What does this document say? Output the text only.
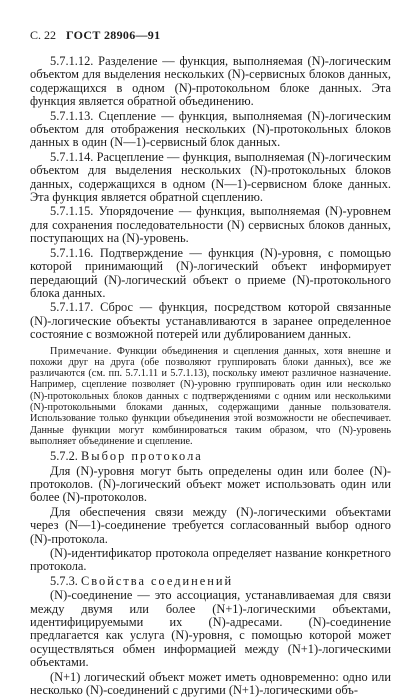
С. 22 ГОСТ 28906—91

5.7.1.12. Разделение — функция, выполняемая (N)-логическим объектом для выделения нескольких (N)-сервисных блоков данных, содержащихся в одном (N)-протокольном блоке данных. Эта функция является обратной объединению.

5.7.1.13. Сцепление — функция, выполняемая (N)-логическим объектом для отображения нескольких (N)-протокольных блоков данных в один (N—1)-сервисный блок данных.

5.7.1.14. Расцепление — функция, выполняемая (N)-логическим объектом для выделения нескольких (N)-протокольных блоков данных, содержащихся в одном (N—1)-сервисном блоке данных. Эта функция является обратной сцеплению.

5.7.1.15. Упорядочение — функция, выполняемая (N)-уровнем для сохранения последовательности (N) сервисных блоков данных, поступающих на (N)-уровень.

5.7.1.16. Подтверждение — функция (N)-уровня, с помощью которой принимающий (N)-логический объект информирует передающий (N)-логический объект о приеме (N)-протокольного блока данных.

5.7.1.17. Сброс — функция, посредством которой связанные (N)-логические объекты устанавливаются в заранее определенное состояние с возможной потерей или дублированием данных.

Примечание. Функции объединения и сцепления данных, хотя внешне и похожи друг на друга (обе позволяют группировать блоки данных), все же различаются (см. пп. 5.7.1.11 и 5.7.1.13), поскольку имеют различное назначение. Например, сцепление позволяет (N)-уровню группировать один или несколько (N)-протокольных блоков данных с подтверждениями с одним или несколькими (N)-протокольными блоками данных, содержащими данные пользователя. Использование только функции объединения этой возможности не обеспечивает. Данные функции могут комбинироваться таким образом, что (N)-уровень выполняет объединение и сцепление.

5.7.2. Выбор протокола

Для (N)-уровня могут быть определены один или более (N)-протоколов. (N)-логический объект может использовать один или более (N)-протоколов.

Для обеспечения связи между (N)-логическими объектами через (N—1)-соединение требуется согласованный выбор одного (N)-протокола.

(N)-идентификатор протокола определяет название конкретного протокола.

5.7.3. Свойства соединений

(N)-соединение — это ассоциация, устанавливаемая для связи между двумя или более (N+1)-логическими объектами, идентифицируемыми их (N)-адресами. (N)-соединение предлагается как услуга (N)-уровня, с помощью которой может осуществляться обмен информацией между (N+1)-логическими объектами.

(N+1) логический объект может иметь одновременно: одно или несколько (N)-соединений с другими (N+1)-логическими объ-
